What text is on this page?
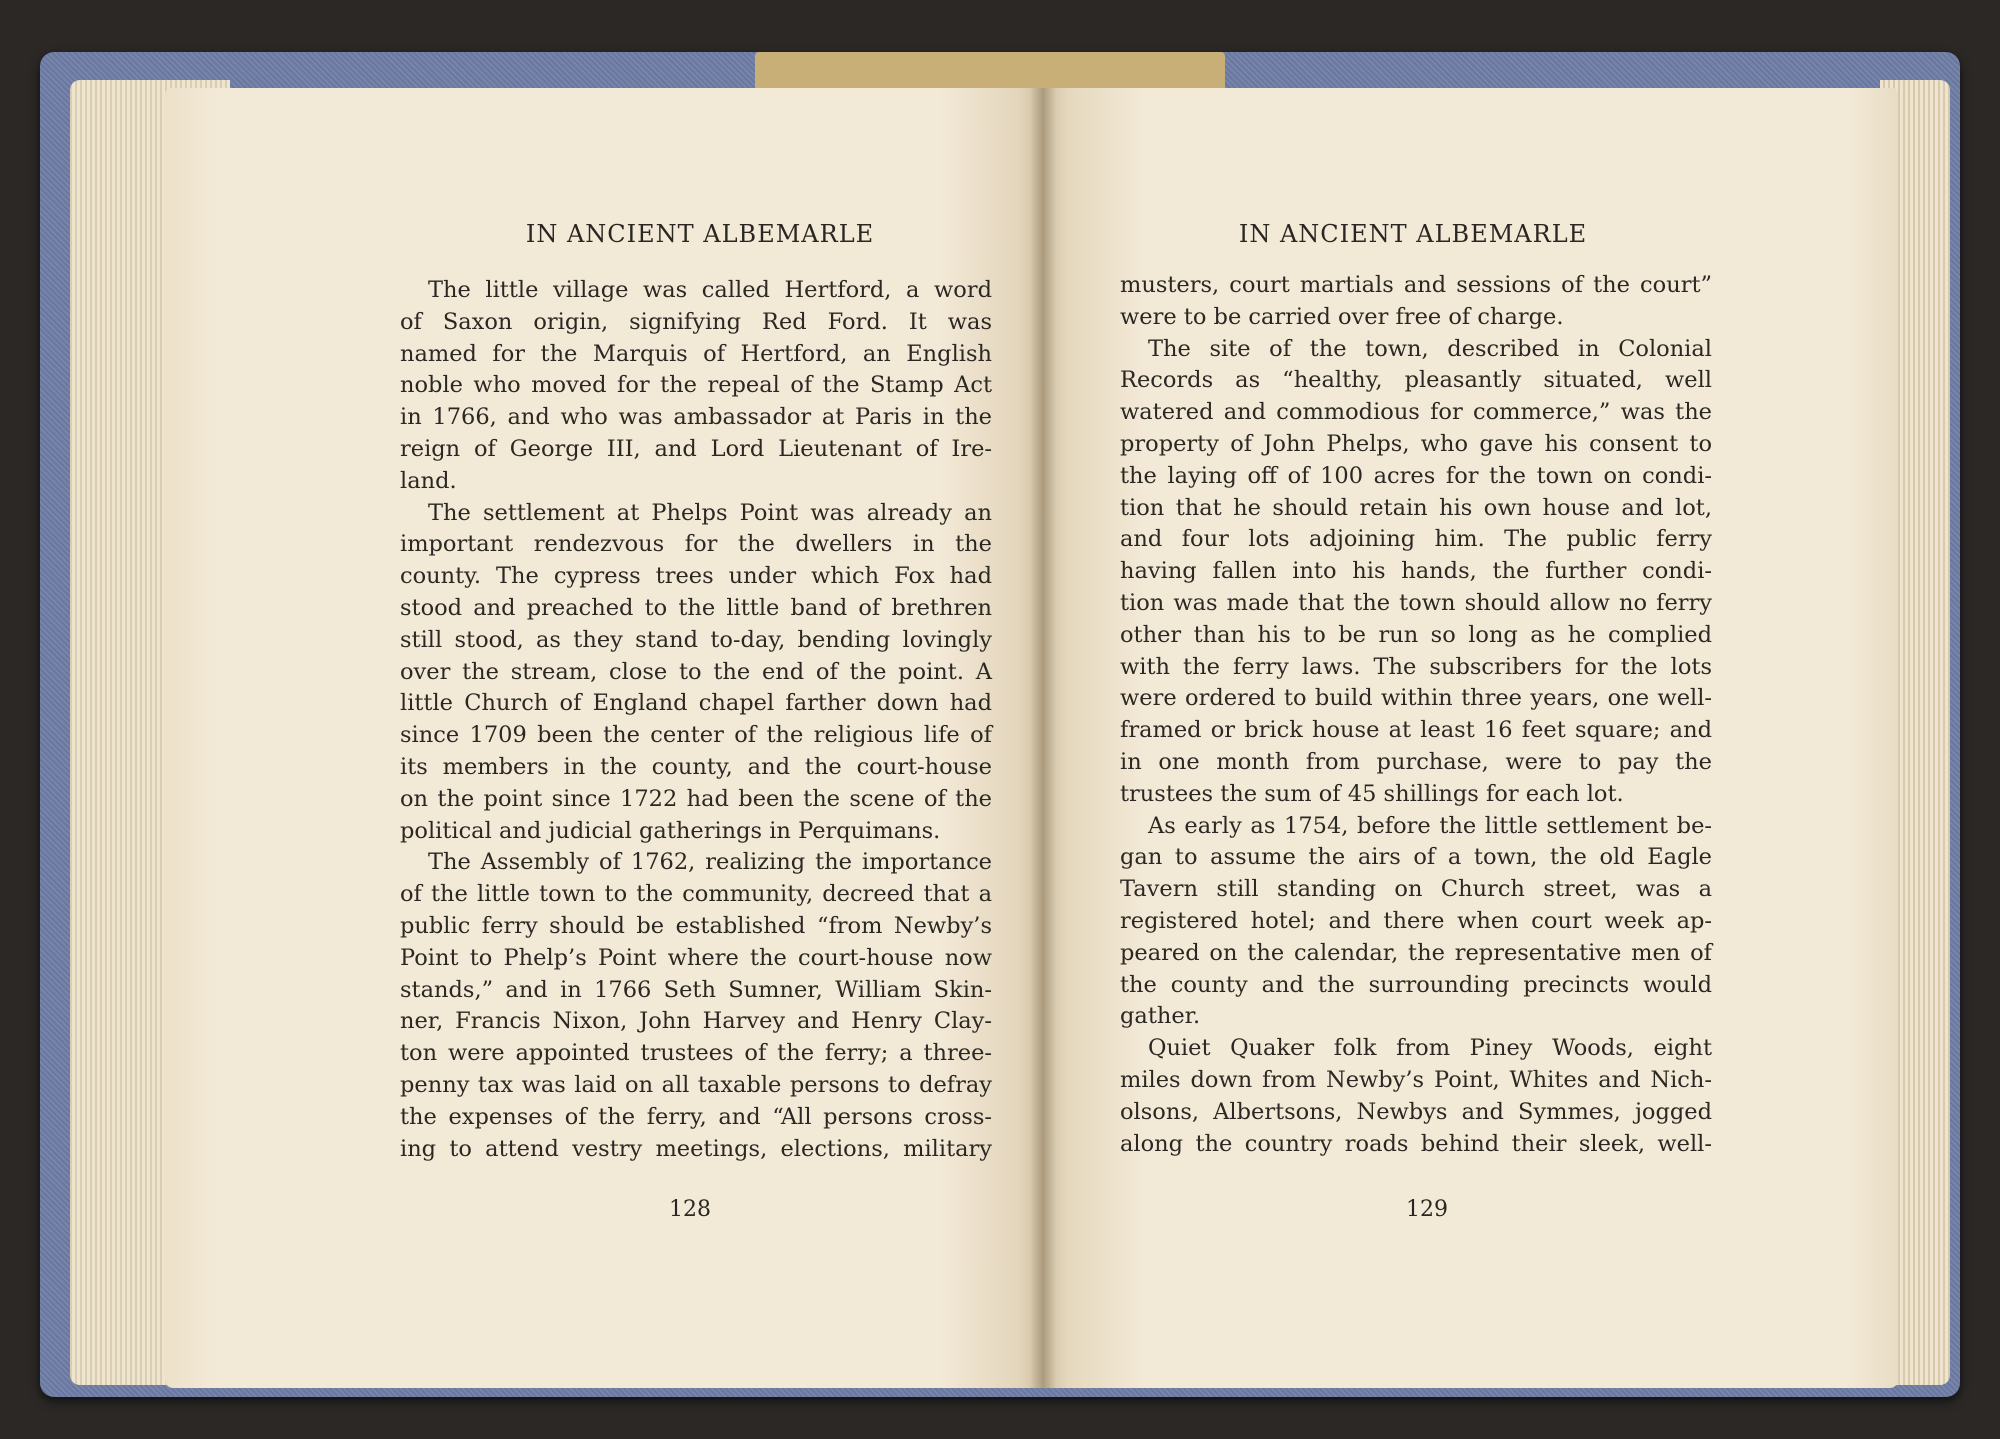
IN ANCIENT ALBEMARLE
The little village was called Hertford, a word
of Saxon origin, signifying Red Ford. It was
named for the Marquis of Hertford, an English
noble who moved for the repeal of the Stamp Act
in 1766, and who was ambassador at Paris in the
reign of George III, and Lord Lieutenant of Ire-
land.
The settlement at Phelps Point was already an
important rendezvous for the dwellers in the
county. The cypress trees under which Fox had
stood and preached to the little band of brethren
still stood, as they stand to-day, bending lovingly
over the stream, close to the end of the point. A
little Church of England chapel farther down had
since 1709 been the center of the religious life of
its members in the county, and the court-house
on the point since 1722 had been the scene of the
political and judicial gatherings in Perquimans.
The Assembly of 1762, realizing the importance
of the little town to the community, decreed that a
public ferry should be established “from Newby’s
Point to Phelp’s Point where the court-house now
stands,” and in 1766 Seth Sumner, William Skin-
ner, Francis Nixon, John Harvey and Henry Clay-
ton were appointed trustees of the ferry; a three-
penny tax was laid on all taxable persons to defray
the expenses of the ferry, and “All persons cross-
ing to attend vestry meetings, elections, military
128
IN ANCIENT ALBEMARLE
musters, court martials and sessions of the court”
were to be carried over free of charge.
The site of the town, described in Colonial
Records as “healthy, pleasantly situated, well
watered and commodious for commerce,” was the
property of John Phelps, who gave his consent to
the laying off of 100 acres for the town on condi-
tion that he should retain his own house and lot,
and four lots adjoining him. The public ferry
having fallen into his hands, the further condi-
tion was made that the town should allow no ferry
other than his to be run so long as he complied
with the ferry laws. The subscribers for the lots
were ordered to build within three years, one well-
framed or brick house at least 16 feet square; and
in one month from purchase, were to pay the
trustees the sum of 45 shillings for each lot.
As early as 1754, before the little settlement be-
gan to assume the airs of a town, the old Eagle
Tavern still standing on Church street, was a
registered hotel; and there when court week ap-
peared on the calendar, the representative men of
the county and the surrounding precincts would
gather.
Quiet Quaker folk from Piney Woods, eight
miles down from Newby’s Point, Whites and Nich-
olsons, Albertsons, Newbys and Symmes, jogged
along the country roads behind their sleek, well-
129
